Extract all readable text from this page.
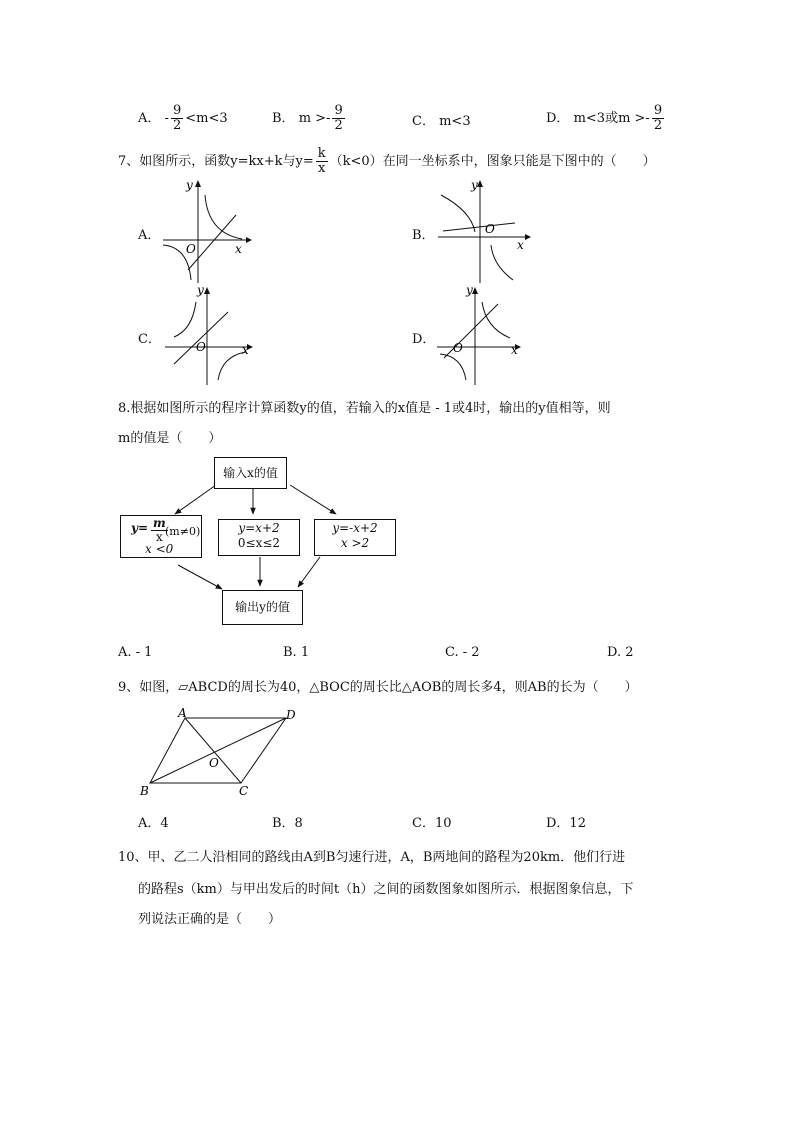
A． - $\frac{9}{2} <m<3$	B． $m >- \frac{9}{2}$	C． m<3	D． m<3或$m >- \frac{9}{2}$
7、如图所示，函数y=kx+k与$y= \frac{k}{x} (k<0)$在同一坐标系中，图象只能是下图中的（　　）
A．	B．
C．	D．
y
O	x
y
O
x
y
O	x
y
O	x
8.根据如图所示的程序计算函数y的值，若输入的x值是 - 1或4时，输出的y值相等，则
m的值是（　　）
输入x的值
$y= \frac{m}{x}$
(m≠0)
x <0
y=x+2
0≤x≤2
y=-x+2
x >2
输出y的值
A. - 1	B. 1	C. - 2	D. 2
9、如图，▱ABCD的周长为40，△BOC的周长比△AOB的周长多4，则AB的长为（　　）
A	D
O
B	C
A．4	B．8	C．10	D．12
10、甲、乙二人沿相同的路线由A到B匀速行进，A，B两地间的路程为20km．他们行进
的路程s（km）与甲出发后的时间t（h）之间的函数图象如图所示．根据图象信息，下
列说法正确的是（　　）
